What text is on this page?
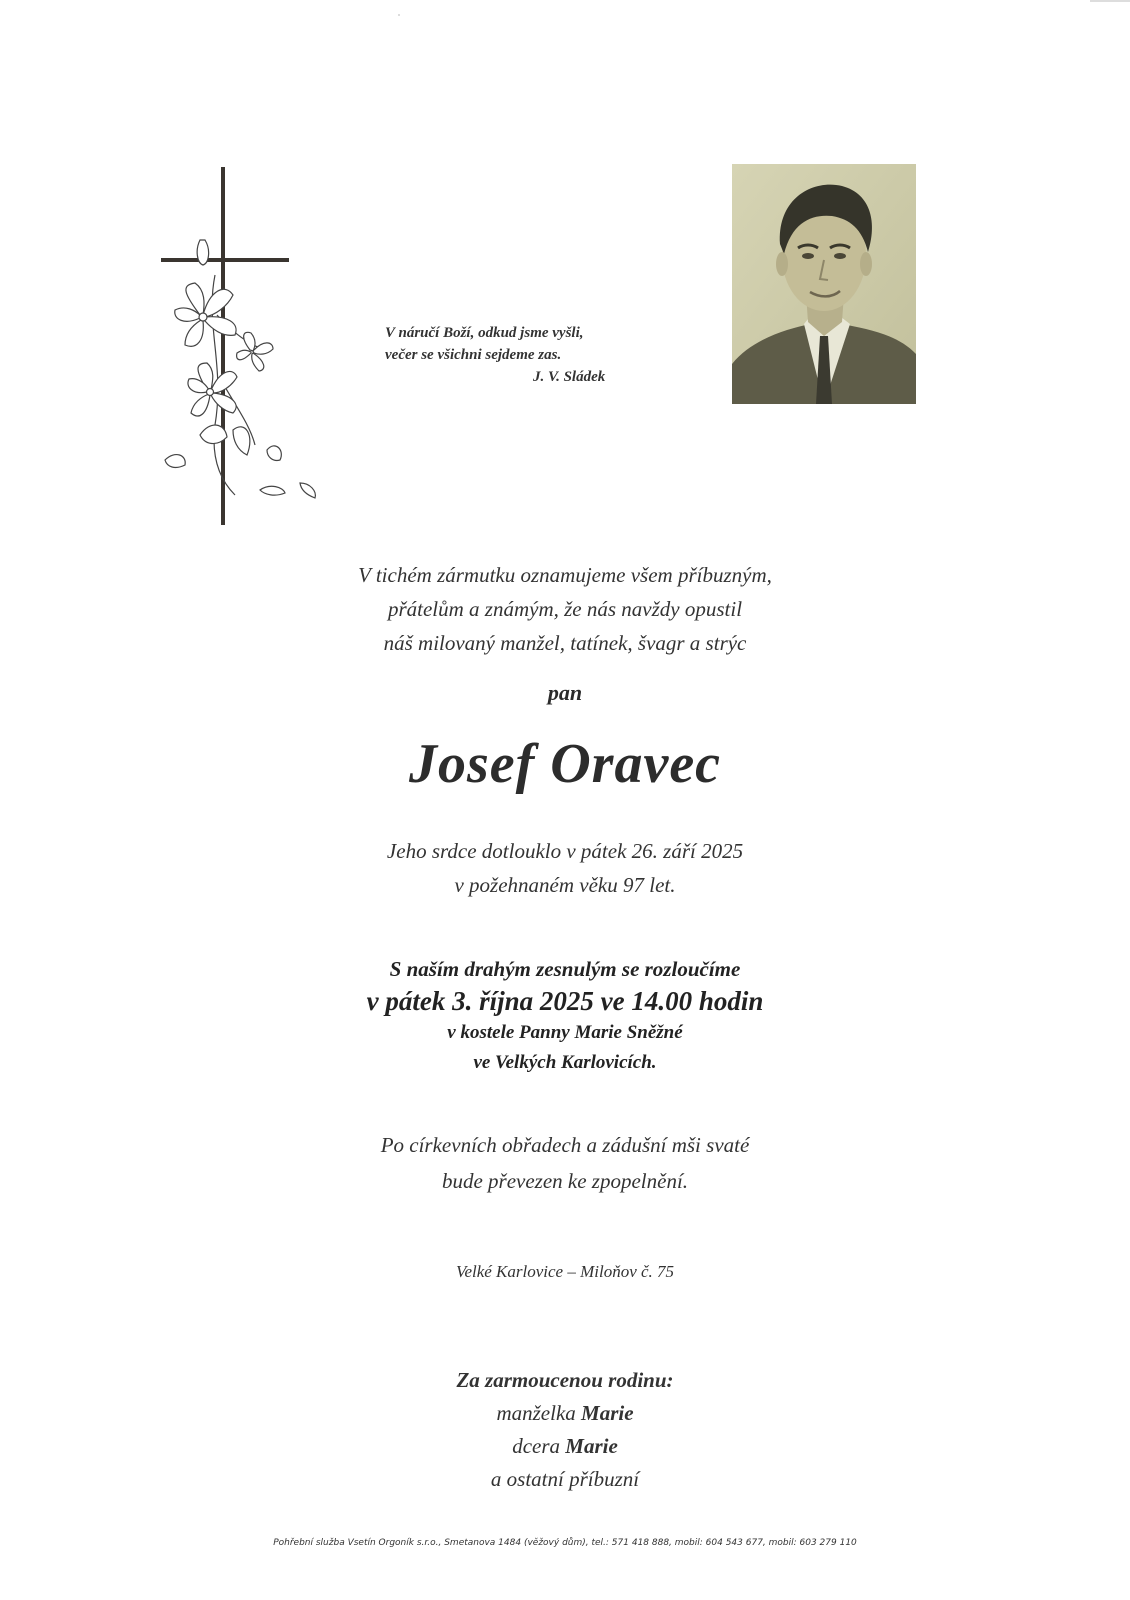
V náručí Boží, odkud jsme vyšli,
večer se všichni sejdeme zas.
J. V. Sládek
V tichém zármutku oznamujeme všem příbuzným,
přátelům a známým, že nás navždy opustil
náš milovaný manžel, tatínek, švagr a strýc
pan
Josef Oravec
Jeho srdce dotlouklo v pátek 26. září 2025
v požehnaném věku 97 let.
S naším drahým zesnulým se rozloučíme
v pátek 3. října 2025 ve 14.00 hodin
v kostele Panny Marie Sněžné
ve Velkých Karlovicích.
Po církevních obřadech a zádušní mši svaté
bude převezen ke zpopelnění.
Velké Karlovice – Miloňov č. 75
Za zarmoucenou rodinu:
manželka Marie
dcera Marie
a ostatní příbuzní
Pohřební služba Vsetín Orgoník s.r.o., Smetanova 1484 (věžový dům), tel.: 571 418 888, mobil: 604 543 677, mobil: 603 279 110
